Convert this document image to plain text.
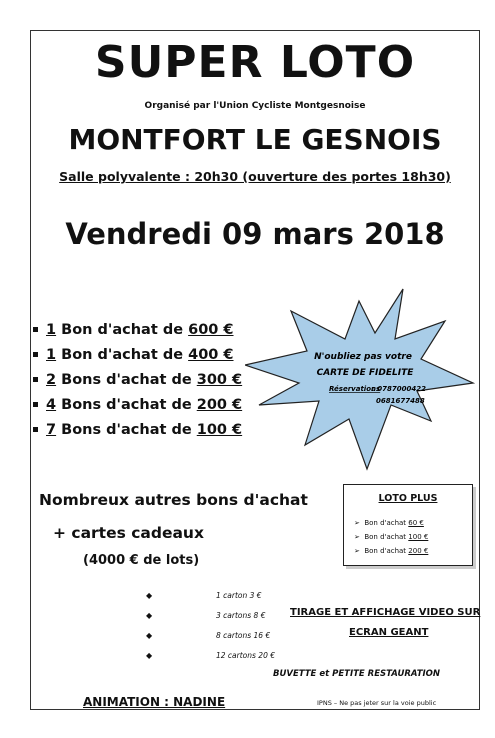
SUPER LOTO
Organisé par l'Union Cycliste Montgesnoise
MONTFORT LE GESNOIS
Salle polyvalente : 20h30 (ouverture des portes 18h30)
Vendredi 09 mars 2018
1
Bon d'achat de
600 €
1
Bon d'achat de
400 €
2
Bons d'achat de
300 €
4
Bons d'achat de
200 €
7
Bons d'achat de
100 €
N'oubliez pas votre
CARTE DE FIDELITE
Réservations
: 0787000422
0681677488
Nombreux autres bons d'achat
+ cartes cadeaux
(4000 € de lots)
LOTO PLUS
➢ Bon d'achat 60 €
➢ Bon d'achat 100 €
➢ Bon d'achat 200 €
◆
◆
◆
◆
1 carton 3 €
3 cartons 8 €
8 cartons 16 €
12 cartons 20 €
TIRAGE ET AFFICHAGE VIDEO SUR
ECRAN GEANT
BUVETTE et PETITE RESTAURATION
ANIMATION : NADINE	IPNS – Ne pas jeter sur la voie public
